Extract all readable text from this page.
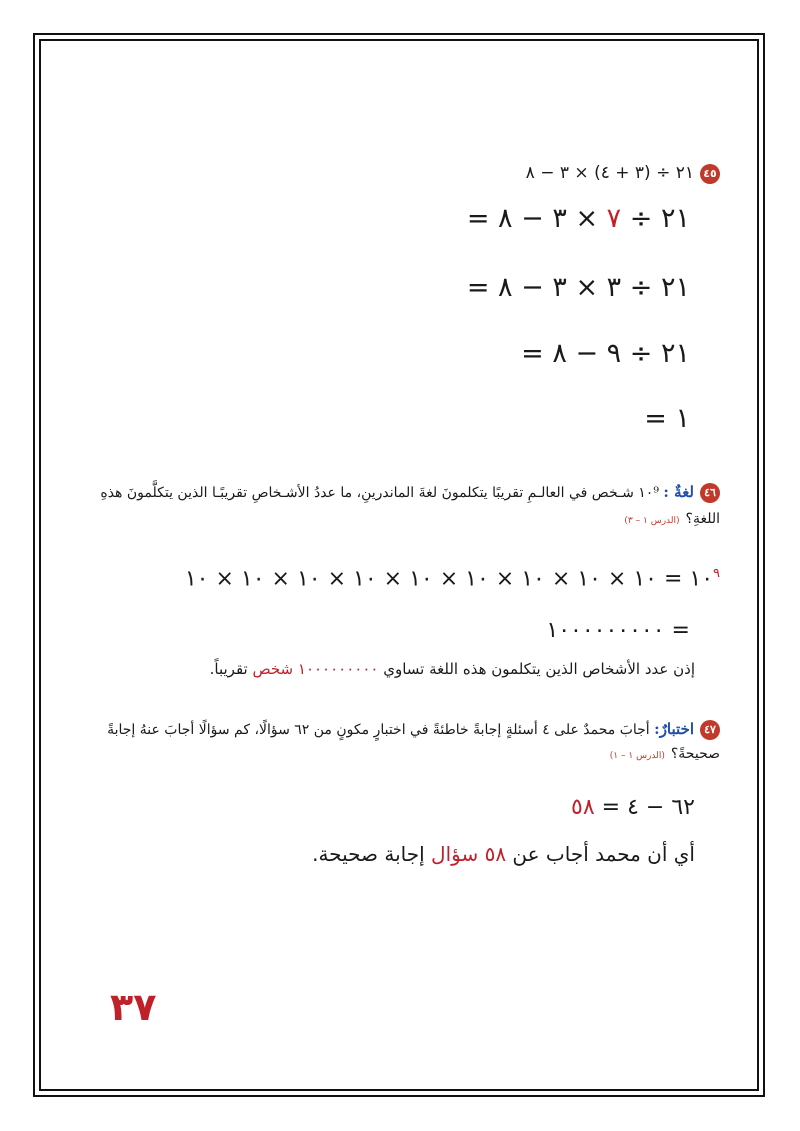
٤٥٢١ ÷ (٣ + ٤) × ٣ − ٨
٢١ ÷ ٧ × ٣ − ٨ =
٢١ ÷ ٣ × ٣ − ٨ =
٢١ ÷ ٩ − ٨ =
١ =
٤٦لغةٌ : ١٠⁹ شـخص في العالـمِ تقريبًا يتكلمونَ لغةَ الماندرينِ، ما عددُ الأشـخاصِ تقريبًـا الذين يتكلَّمونَ هذهِ
اللغةِ؟(الدرس ١ – ٣)
$١٠^٩$ = ١٠ × ١٠ × ١٠ × ١٠ × ١٠ × ١٠ × ١٠ × ١٠ × ١٠
= ١٠٠٠٠٠٠٠٠٠
إذن عدد الأشخاص الذين يتكلمون هذه اللغة تساوي ١٠٠٠٠٠٠٠٠٠ شخص تقريباً.
٤٧اختبارٌ: أجابَ محمدٌ على ٤ أسئلةٍ إجابةً خاطئةً في اختبارٍ مكونٍ من ٦٢ سؤالًا، كم سؤالًا أجابَ عنهُ إجابةً
صحيحةً؟(الدرس ١ – ١)
٦٢ − ٤ = ٥٨
أي أن محمد أجاب عن ٥٨ سؤال إجابة صحيحة.
٣٧
